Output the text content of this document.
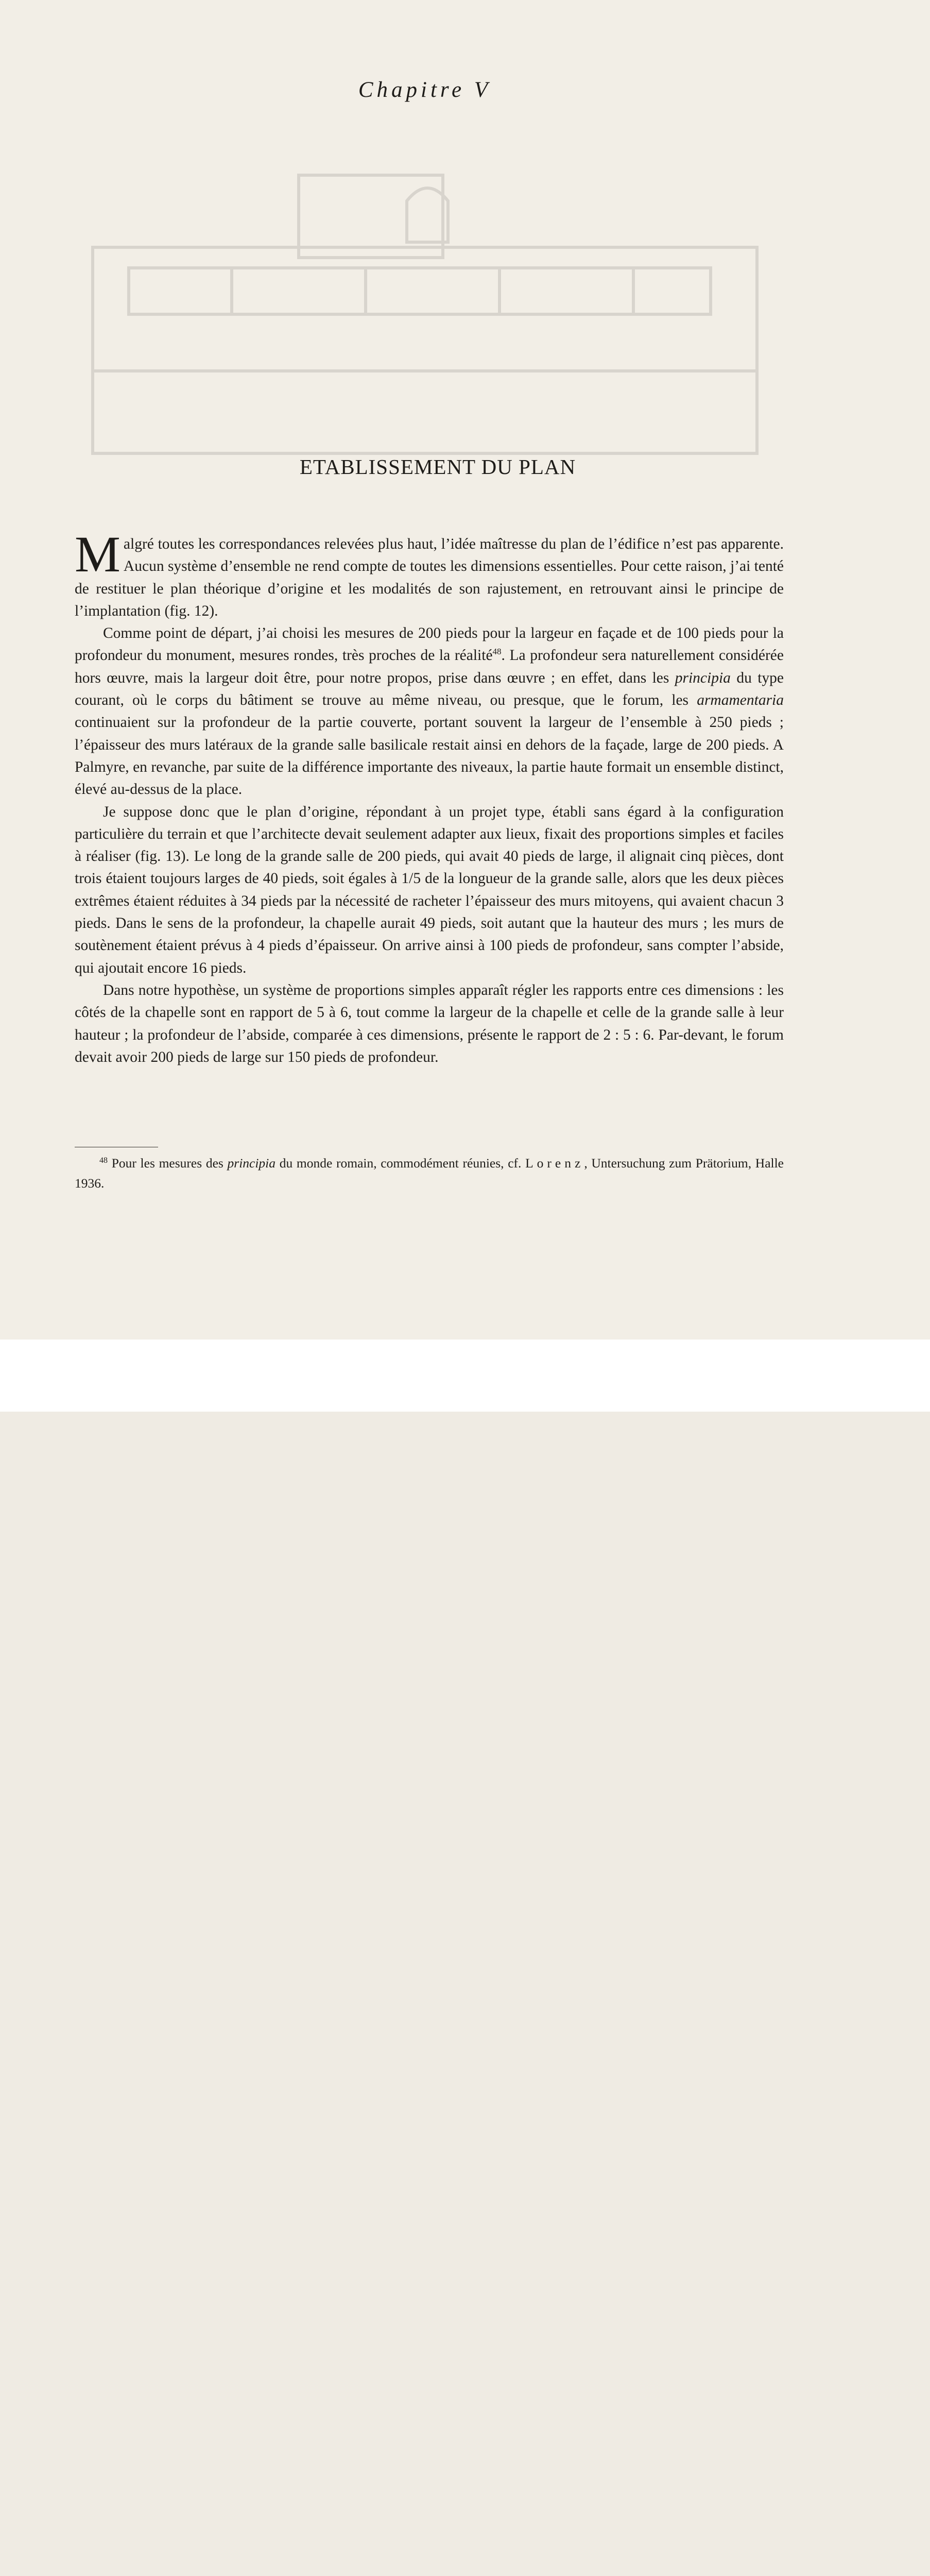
Chapitre V
ETABLISSEMENT DU PLAN

Malgré toutes les correspondances relevées plus haut, l’idée maîtresse du plan de l’édifice n’est pas apparente. Aucun système d’ensemble ne rend compte de toutes les dimensions essentielles. Pour cette raison, j’ai tenté de restituer le plan théorique d’origine et les modalités de son rajustement, en retrouvant ainsi le principe de l’implantation (fig. 12).

Comme point de départ, j’ai choisi les mesures de 200 pieds pour la largeur en façade et de 100 pieds pour la profondeur du monument, mesures rondes, très proches de la réalité$^{48}$. La profondeur sera naturellement considérée hors œuvre, mais la largeur doit être, pour notre propos, prise dans œuvre ; en effet, dans les principia du type courant, où le corps du bâtiment se trouve au même niveau, ou presque, que le forum, les armamentaria continuaient sur la profondeur de la partie couverte, portant souvent la largeur de l’ensemble à 250 pieds ; l’épaisseur des murs latéraux de la grande salle basilicale restait ainsi en dehors de la façade, large de 200 pieds. A Palmyre, en revanche, par suite de la différence importante des niveaux, la partie haute formait un ensemble distinct, élevé au-dessus de la place.

Je suppose donc que le plan d’origine, répondant à un projet type, établi sans égard à la configuration particulière du terrain et que l’architecte devait seulement adapter aux lieux, fixait des proportions simples et faciles à réaliser (fig. 13). Le long de la grande salle de 200 pieds, qui avait 40 pieds de large, il alignait cinq pièces, dont trois étaient toujours larges de 40 pieds, soit égales à 1/5 de la longueur de la grande salle, alors que les deux pièces extrêmes étaient réduites à 34 pieds par la nécessité de racheter l’épaisseur des murs mitoyens, qui avaient chacun 3 pieds. Dans le sens de la profondeur, la chapelle aurait 49 pieds, soit autant que la hauteur des murs ; les murs de soutènement étaient prévus à 4 pieds d’épaisseur. On arrive ainsi à 100 pieds de profondeur, sans compter l’abside, qui ajoutait encore 16 pieds.

Dans notre hypothèse, un système de proportions simples apparaît régler les rapports entre ces dimensions : les côtés de la chapelle sont en rapport de 5 à 6, tout comme la largeur de la chapelle et celle de la grande salle à leur hauteur ; la profondeur de l’abside, comparée à ces dimensions, présente le rapport de 2 : 5 : 6. Par-devant, le forum devait avoir 200 pieds de large sur 150 pieds de profondeur.

$^{48}$ Pour les mesures des principia du monde romain, commodément réunies, cf. Lorenz, Untersuchung zum Prätorium, Halle 1936.
